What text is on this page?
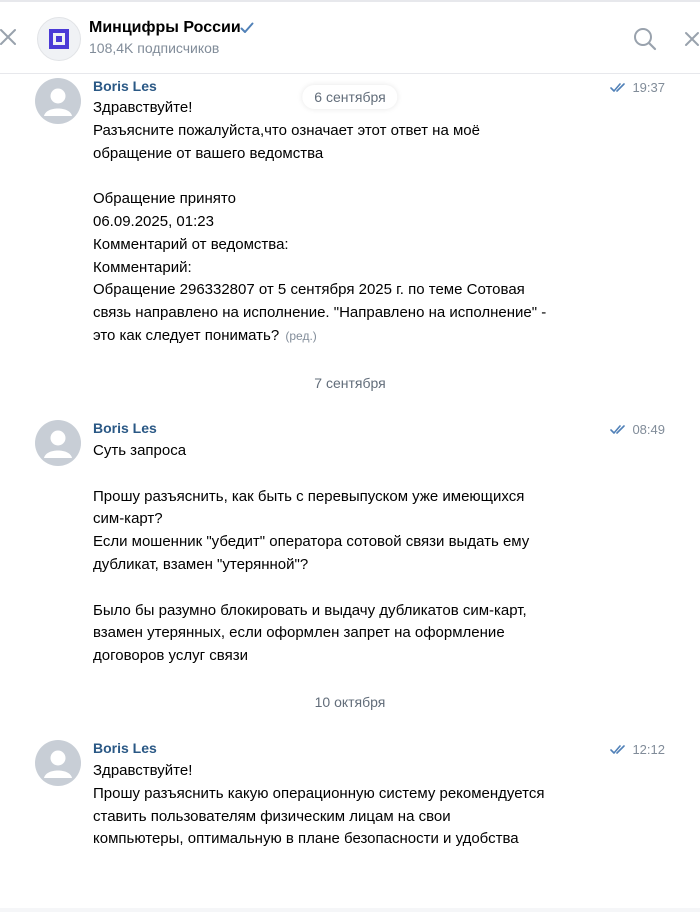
Минцифры России
108,4K подписчиков
Boris Les	19:37
Здравствуйте!
Разъясните пожалуйста,что означает этот ответ на моё
обращение от вашего ведомства
Обращение принято
06.09.2025, 01:23
Комментарий от ведомства:
Комментарий:
Обращение 296332807 от 5 сентября 2025 г. по теме Сотовая
связь направлено на исполнение. "Направлено на исполнение" -
это как следует понимать? (ред.)
6 сентября
7 сентября
Boris Les	08:49
Суть запроса
Прошу разъяснить, как быть с перевыпуском уже имеющихся
сим-карт?
Если мошенник "убедит" оператора сотовой связи выдать ему
дубликат, взамен "утерянной"?
Было бы разумно блокировать и выдачу дубликатов сим-карт,
взамен утерянных, если оформлен запрет на оформление
договоров услуг связи
10 октября
Boris Les	12:12
Здравствуйте!
Прошу разъяснить какую операционную систему рекомендуется
ставить пользователям физическим лицам на свои
компьютеры, оптимальную в плане безопасности и удобства
